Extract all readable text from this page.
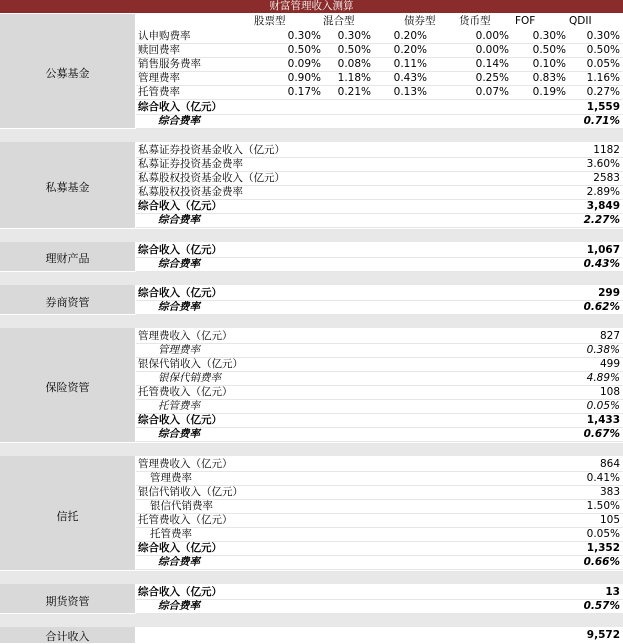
财富管理收入测算
股票型	混合型	债券型 货币型 FOF	QDII
公募基金
认申购费率	0.30% 0.30% 0.20%	0.00% 0.30% 0.30%
赎回费率	0.50% 0.50% 0.20%	0.00% 0.50% 0.50%
销售服务费率	0.09% 0.08% 0.11%	0.14% 0.10% 0.05%
管理费率	0.90% 1.18% 0.43%	0.25% 0.83% 1.16%
托管费率	0.17% 0.21% 0.13%	0.07% 0.19% 0.27%
综合收入（亿元）	1,559
综合费率	0.71%
私募基金
私募证券投资基金收入（亿元）	1182
私募证券投资基金费率	3.60%
私募股权投资基金收入（亿元）	2583
私募股权投资基金费率	2.89%
综合收入（亿元）	3,849
综合费率	2.27%
理财产品
综合收入（亿元）	1,067
综合费率	0.43%
券商资管
综合收入（亿元）	299
综合费率	0.62%
保险资管
管理费收入（亿元）	827
管理费率	0.38%
银保代销收入（亿元）	499
银保代销费率	4.89%
托管费收入（亿元）	108
托管费率	0.05%
综合收入（亿元）	1,433
综合费率	0.67%
信托
管理费收入（亿元）	864
管理费率	0.41%
银信代销收入（亿元）	383
银信代销费率	1.50%
托管费收入（亿元）	105
托管费率	0.05%
综合收入（亿元）	1,352
综合费率	0.66%
期货资管
综合收入（亿元）	13
综合费率	0.57%
合计收入	9,572
